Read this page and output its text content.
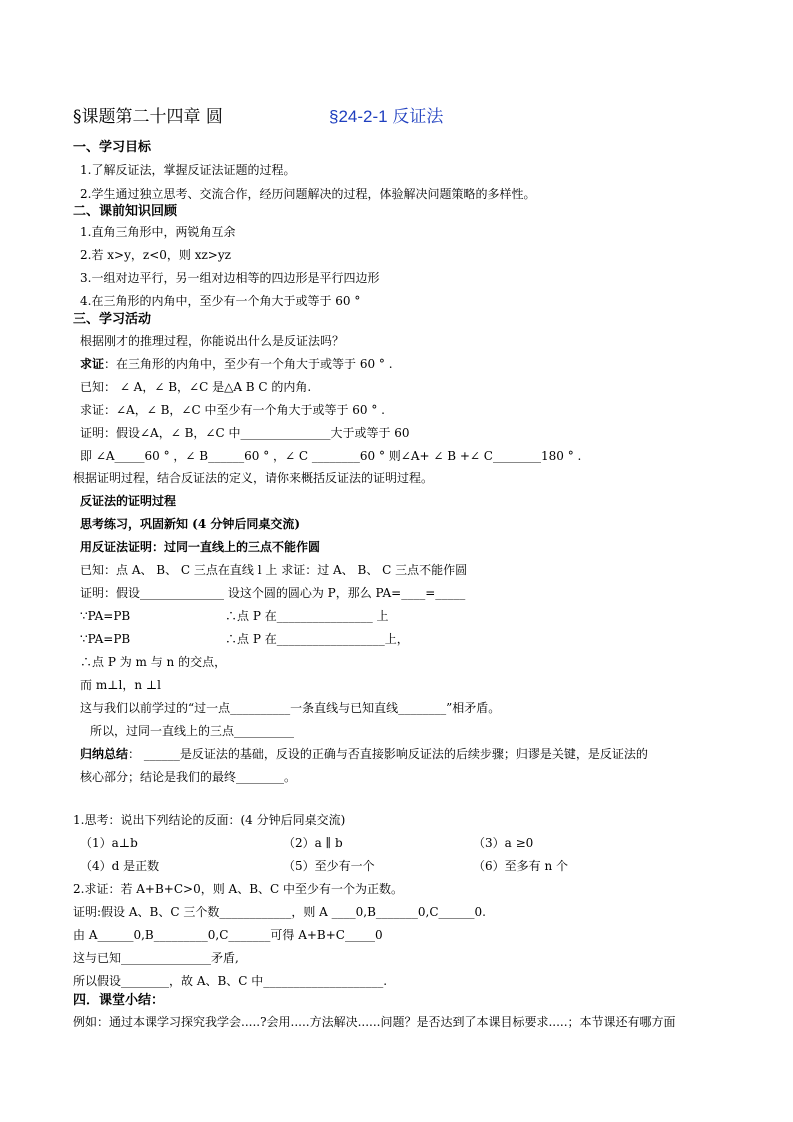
§课题第二十四章 圆	§24-2-1 反证法
一、学习目标
1.了解反证法，掌握反证法证题的过程。
2.学生通过独立思考、交流合作，经历问题解决的过程，体验解决问题策略的多样性。
二、课前知识回顾
1.直角三角形中，两锐角互余
2.若 x>y，z<0，则 xz>yz
3.一组对边平行，另一组对边相等的四边形是平行四边形
4.在三角形的内角中，至少有一个角大于或等于 60 °
三、学习活动
根据刚才的推理过程，你能说出什么是反证法吗？
求证：在三角形的内角中，至少有一个角大于或等于 60 ° .
已知： ∠ A，∠ B，∠C 是△A B C 的内角.
求证：∠A，∠ B，∠C 中至少有一个角大于或等于 60 ° .
证明：假设∠A，∠ B，∠C 中_______________大于或等于 60
即 ∠A_____60 ° ，∠ B______60 ° ，∠ C ________60 ° 则∠A+ ∠ B +∠ C________180 ° .
根据证明过程，结合反证法的定义，请你来概括反证法的证明过程。
反证法的证明过程
思考练习，巩固新知 (4 分钟后同桌交流)
用反证法证明：过同一直线上的三点不能作圆
已知：点 A、 B、 C 三点在直线 l 上 求证：过 A、 B、 C 三点不能作圆
证明：假设______________ 设这个圆的圆心为 P，那么 PA=____=_____
∵PA=PB	∴点 P 在________________ 上
∵PA=PB	∴点 P 在__________________上，
∴点 P 为 m 与 n 的交点，
而 m⊥l，n ⊥l
这与我们以前学过的“过一点__________一条直线与已知直线________”相矛盾。
所以，过同一直线上的三点__________
归纳总结： ______是反证法的基础，反设的正确与否直接影响反证法的后续步骤；归谬是关键，是反证法的
核心部分；结论是我们的最终________。
1.思考：说出下列结论的反面：(4 分钟后同桌交流)
（1）a⊥b	（2）a ∥ b	（3）a ≥0
（4）d 是正数	（5）至少有一个	（6）至多有 n 个
2.求证：若 A+B+C>0，则 A、B、C 中至少有一个为正数。
证明:假设 A、B、C 三个数____________，则 A ____0,B_______0,C______0.
由 A______0,B_________0,C_______可得 A+B+C_____0
这与已知_______________矛盾,
所以假设________，故 A、B、C 中____________________.
四．课堂小结：
例如：通过本课学习探究我学会.....?会用.....方法解决......问题？是否达到了本课目标要求.....；本节课还有哪方面
